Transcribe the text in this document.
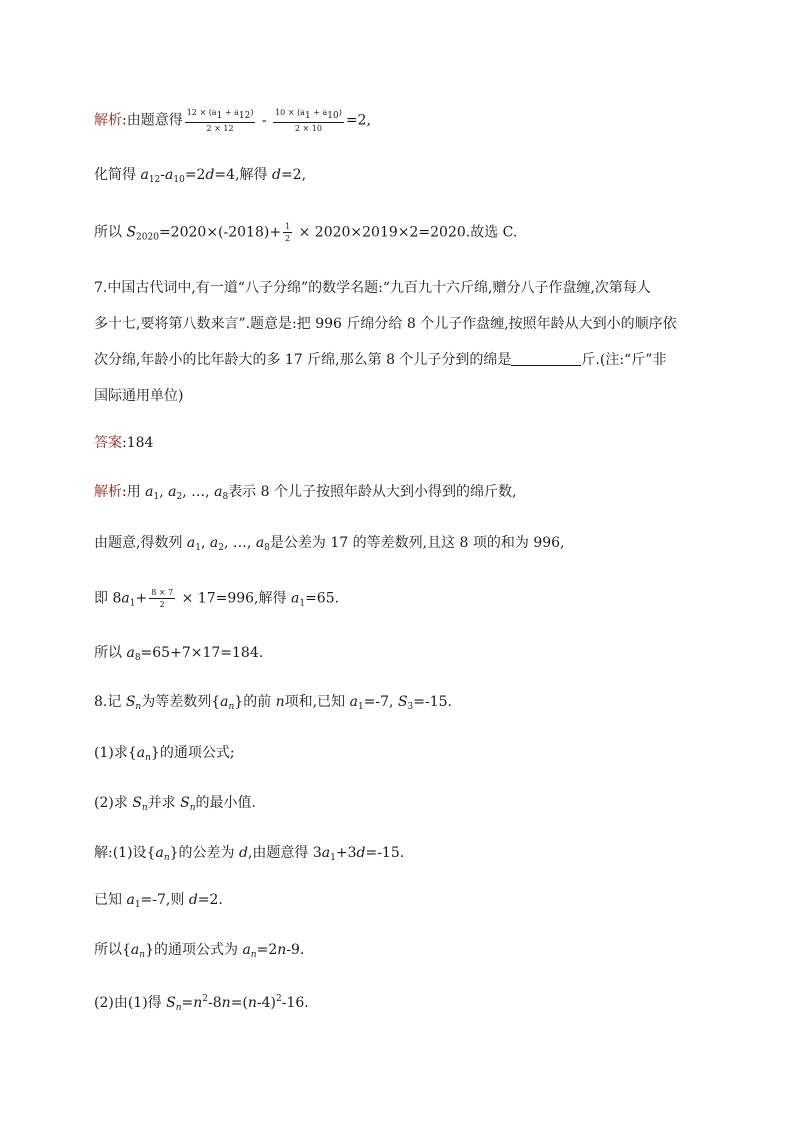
解析:由题意得 $\frac{12 \times (a1 + a12)}{2 \times 12} - \frac{10 \times (a1 + a10)}{2 \times 10} =2$,
化简得 $a_{12}-a_{10}=2d=4$,解得 d=2,
所以 $S_{2020}=2020\times(-2018)+ \frac{1}{2} \times 2020\times 2019\times 2=2020$.故选 C.
7.中国古代词中,有一道“八子分绵”的数学名题:“九百九十六斤绵,赠分八子作盘缠,次第每人
多十七,要将第八数来言”.题意是:把 996 斤绵分给 8 个儿子作盘缠,按照年龄从大到小的顺序依
次分绵,年龄小的比年龄大的多 17 斤绵,那么第 8 个儿子分到的绵是	斤.(注:“斤”非
国际通用单位)
答案:184
解析:用 $a_1$, $a_2$, …, $a_8$表示 8 个儿子按照年龄从大到小得到的绵斤数,
由题意,得数列 $a_1$, $a_2$, …, $a_8$是公差为 17 的等差数列,且这 8 项的和为 996,
即 $8a_1+ \frac{8 \times 7}{2} \times 17=996$,解得 $a_1=65$.
所以 $a_8=65+7\times 17=184$.
8.记 $S_n$为等差数列$\{a_n\}$的前 n项和,已知 $a_1=-7$, $S_3=-15$.
(1)求$\{a_n\}$的通项公式;
(2)求 $S_n$并求 $S_n$的最小值.
解:(1)设$\{a_n\}$的公差为 d,由题意得 $3a_1+3d=-15$.
已知 $a_1=-7$,则 d=2.
所以$\{a_n\}$的通项公式为 $a_n=2n-9$.
(2)由(1)得 $S_n=n^2-8n=(n-4)^2-16$.
